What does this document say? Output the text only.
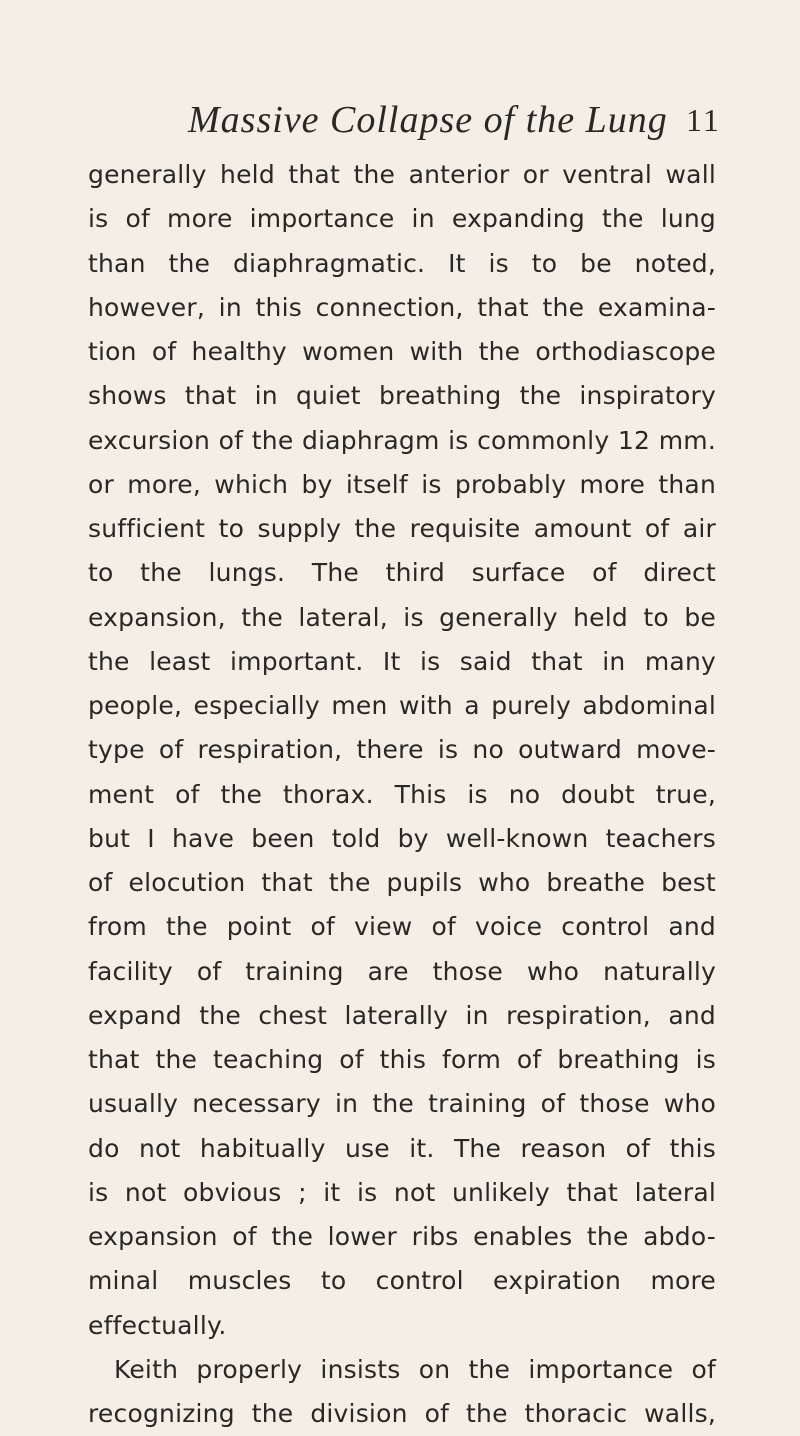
Massive Collapse of the Lung 11
generally held that the anterior or ventral wall
is of more importance in expanding the lung
than the diaphragmatic. It is to be noted,
however, in this connection, that the examina-
tion of healthy women with the orthodiascope
shows that in quiet breathing the inspiratory
excursion of the diaphragm is commonly 12 mm.
or more, which by itself is probably more than
sufficient to supply the requisite amount of air
to the lungs. The third surface of direct
expansion, the lateral, is generally held to be
the least important. It is said that in many
people, especially men with a purely abdominal
type of respiration, there is no outward move-
ment of the thorax. This is no doubt true,
but I have been told by well-known teachers
of elocution that the pupils who breathe best
from the point of view of voice control and
facility of training are those who naturally
expand the chest laterally in respiration, and
that the teaching of this form of breathing is
usually necessary in the training of those who
do not habitually use it. The reason of this
is not obvious ; it is not unlikely that lateral
expansion of the lower ribs enables the abdo-
minal muscles to control expiration more
effectually.
Keith properly insists on the importance of
recognizing the division of the thoracic walls,
